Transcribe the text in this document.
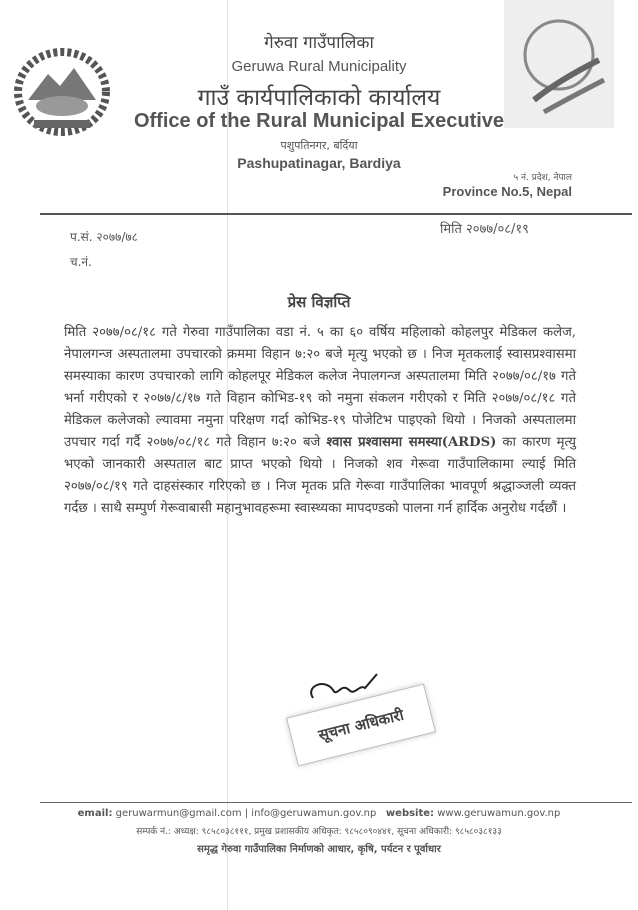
गेरुवा गाउँपालिका
Geruwa Rural Municipality
गाउँ कार्यपालिकाको कार्यालय
Office of the Rural Municipal Executive
पशुपतिनगर, बर्दिया
Pashupatinagar, Bardiya
५ नं. प्रदेश, नेपाल
Province No.5, Nepal
प.सं. २०७७/७८
च.नं.
मिति २०७७/०८/१९
प्रेस विज्ञप्ति
मिति २०७७/०८/१८ गते गेरुवा गाउँपालिका वडा नं. ५ का ६० वर्षिय महिलाको कोहलपुर मेडिकल कलेज, नेपालगन्ज अस्पतालमा उपचारको क्रममा विहान ७:२० बजे मृत्यु भएको छ । निज मृतकलाई स्वासप्रश्वासमा समस्याका कारण उपचारको लागि कोहलपूर मेडिकल कलेज नेपालगन्ज अस्पतालमा मिति २०७७/०८/१७ गते भर्ना गरीएको र २०७७/८/१७ गते विहान कोभिड-१९ को नमुना संकलन गरीएको र मिति २०७७/०८/१८ गते मेडिकल कलेजको ल्यावमा नमुना परिक्षण गर्दा कोभिड-१९ पोजेटिभ पाइएको थियो । निजको अस्पतालमा उपचार गर्दा गर्दै २०७७/०८/१८ गते विहान ७:२० बजे श्वास प्रश्वासमा समस्या(ARDS) का कारण मृत्यु भएको जानकारी अस्पताल बाट प्राप्त भएको थियो । निजको शव गेरूवा गाउँपालिकामा ल्याई मिति २०७७/०८/१९ गते दाहसंस्कार गरिएको छ । निज मृतक प्रति गेरूवा गाउँपालिका भावपूर्ण श्रद्धाञ्जली व्यक्त गर्दछ । साथै सम्पुर्ण गेरूवाबासी महानुभावहरूमा स्वास्थ्यका मापदण्डको पालना गर्न हार्दिक अनुरोध गर्दछौं ।
सूचना अधिकारी
email: geruwarmun@gmail.com | info@geruwamun.gov.np website: www.geruwamun.gov.np
सम्पर्क नं.: अध्यक्ष: ९८५८०३८१११, प्रमुख प्रशासकीय अधिकृत: ९८५८०९०४४१, सूचना अधिकारी: ९८५८०३८१३३
समृद्ध गेरुवा गाउँपालिका निर्माणको आधार, कृषि, पर्यटन र पूर्वाधार
